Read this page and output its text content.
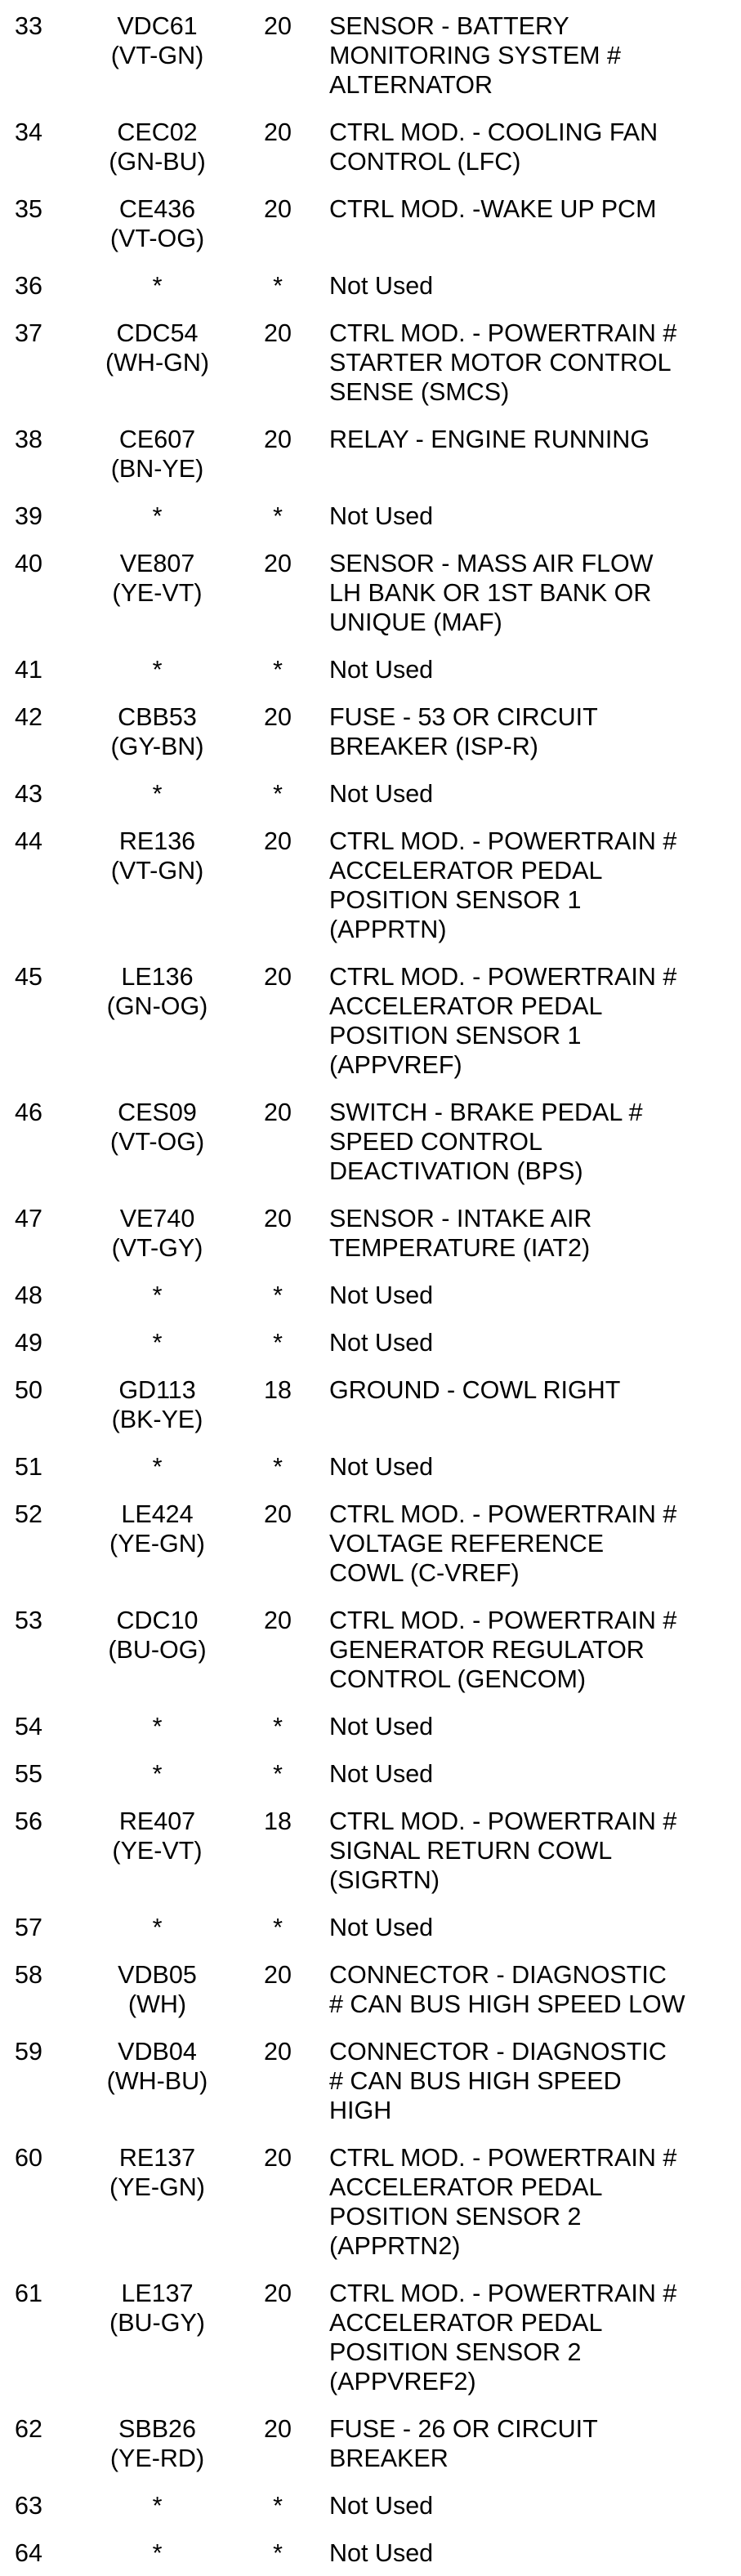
33	VDC61
(VT-GN)	20	SENSOR - BATTERY
MONITORING SYSTEM #
ALTERNATOR

34	CEC02
(GN-BU)	20	CTRL MOD. - COOLING FAN
CONTROL (LFC)

35	CE436
(VT-OG)	20	CTRL MOD. -WAKE UP PCM

36	*	*	Not Used

37	CDC54
(WH-GN)	20	CTRL MOD. - POWERTRAIN #
STARTER MOTOR CONTROL
SENSE (SMCS)

38	CE607
(BN-YE)	20	RELAY - ENGINE RUNNING

39	*	*	Not Used

40	VE807
(YE-VT)	20	SENSOR - MASS AIR FLOW
LH BANK OR 1ST BANK OR
UNIQUE (MAF)

41	*	*	Not Used

42	CBB53
(GY-BN)	20	FUSE - 53 OR CIRCUIT
BREAKER (ISP-R)

43	*	*	Not Used

44	RE136
(VT-GN)	20	CTRL MOD. - POWERTRAIN #
ACCELERATOR PEDAL
POSITION SENSOR 1
(APPRTN)

45	LE136
(GN-OG)	20	CTRL MOD. - POWERTRAIN #
ACCELERATOR PEDAL
POSITION SENSOR 1
(APPVREF)

46	CES09
(VT-OG)	20	SWITCH - BRAKE PEDAL #
SPEED CONTROL
DEACTIVATION (BPS)

47	VE740
(VT-GY)	20	SENSOR - INTAKE AIR
TEMPERATURE (IAT2)

48	*	*	Not Used

49	*	*	Not Used

50	GD113
(BK-YE)	18	GROUND - COWL RIGHT

51	*	*	Not Used

52	LE424
(YE-GN)	20	CTRL MOD. - POWERTRAIN #
VOLTAGE REFERENCE
COWL (C-VREF)

53	CDC10
(BU-OG)	20	CTRL MOD. - POWERTRAIN #
GENERATOR REGULATOR
CONTROL (GENCOM)

54	*	*	Not Used

55	*	*	Not Used

56	RE407
(YE-VT)	18	CTRL MOD. - POWERTRAIN #
SIGNAL RETURN COWL
(SIGRTN)

57	*	*	Not Used

58	VDB05
(WH)	20	CONNECTOR - DIAGNOSTIC
# CAN BUS HIGH SPEED LOW

59	VDB04
(WH-BU)	20	CONNECTOR - DIAGNOSTIC
# CAN BUS HIGH SPEED
HIGH

60	RE137
(YE-GN)	20	CTRL MOD. - POWERTRAIN #
ACCELERATOR PEDAL
POSITION SENSOR 2
(APPRTN2)

61	LE137
(BU-GY)	20	CTRL MOD. - POWERTRAIN #
ACCELERATOR PEDAL
POSITION SENSOR 2
(APPVREF2)

62	SBB26
(YE-RD)	20	FUSE - 26 OR CIRCUIT
BREAKER

63	*	*	Not Used

64	*	*	Not Used
